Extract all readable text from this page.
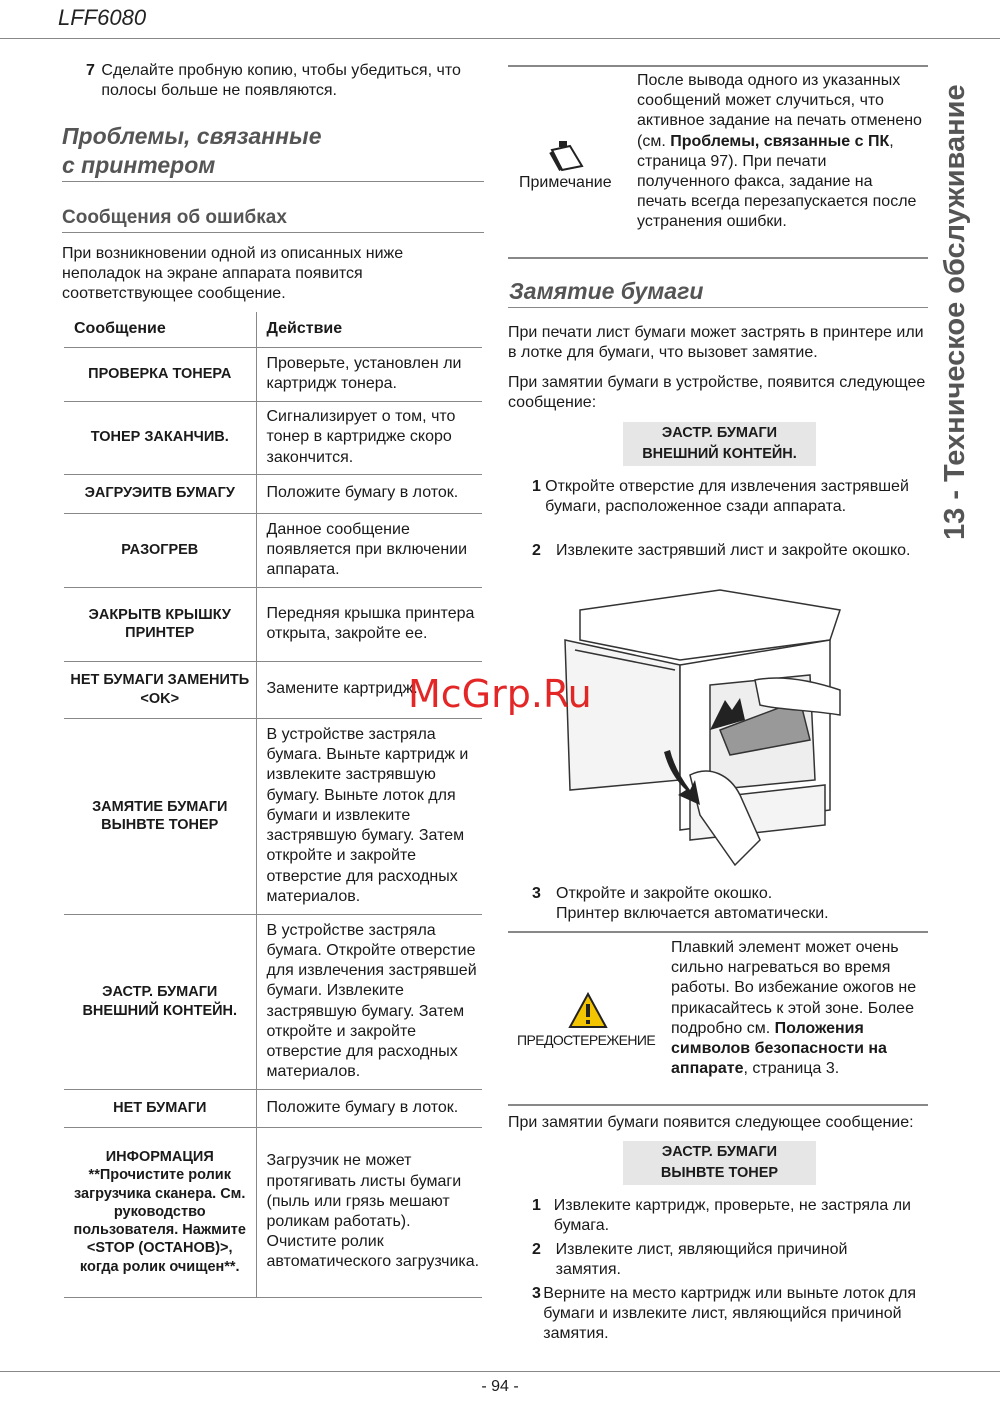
LFF6080
13 - Техническое обслуживание
7 Сделайте пробную копию, чтобы убедиться, что полосы больше не появляются.
Проблемы, связанные
с принтером
Сообщения об ошибках
При возникновении одной из описанных ниже неполадок на экране аппарата появится соответствующее сообщение.
Сообщение	Действие
ПРОВЕРКА ТОНЕРА	Проверьте, установлен ли картридж тонера.
ТОНЕР ЗАКАНЧИВ.	Сигнализирует о том, что тонер в картридже скоро закончится.
ЭАГРУЭИТВ БУМАГУ	Положите бумагу в лоток.
РАЗОГРЕВ	Данное сообщение появляется при включении аппарата.
ЭАКРЫТВ КРЫШКУ ПРИНТЕР	Передняя крышка принтера открыта, закройте ее.
НЕТ БУМАГИ ЗАМЕНИТЬ <OK>	Замените картридж.
ЗАМЯТИЕ БУМАГИ ВЫНВТЕ ТОНЕР	В устройстве застряла бумага. Выньте картридж и извлеките застрявшую бумагу. Выньте лоток для бумаги и извлеките застрявшую бумагу. Затем откройте и закройте отверстие для расходных материалов.
ЭАСТР. БУМАГИ ВНЕШНИЙ КОНТЕЙН.	В устройстве застряла бумага. Откройте отверстие для извлечения застрявшей бумаги. Извлеките застрявшую бумагу. Затем откройте и закройте отверстие для расходных материалов.
НЕТ БУМАГИ	Положите бумагу в лоток.
ИНФОРМАЦИЯ **Прочистите ролик загрузчика сканера. См. руководство пользователя. Нажмите <STOP (ОСТАНОВ)>, когда ролик очищен**.	Загрузчик не может протягивать листы бумаги (пыль или грязь мешают роликам работать). Очистите ролик автоматического загрузчика.
Примечание
После вывода одного из указанных сообщений может случиться, что активное задание на печать отменено (см. Проблемы, связанные с ПК, страница 97). При печати полученного факса, задание на печать всегда перезапускается после устранения ошибки.
Замятие бумаги
При печати лист бумаги может застрять в принтере или в лотке для бумаги, что вызовет замятие.
При замятии бумаги в устройстве, появится следующее сообщение:
ЭАСТР. БУМАГИ
ВНЕШНИЙ КОНТЕЙН.
1 Откройте отверстие для извлечения застрявшей бумаги, расположенное сзади аппарата.
2 Извлеките застрявший лист и закройте окошко.
McGrp.Ru
3 Откройте и закройте окошко.
Принтер включается автоматически.
ПРЕДОСТЕРЕЖЕНИЕ
Плавкий элемент может очень сильно нагреваться во время работы. Во избежание ожогов не прикасайтесь к этой зоне. Более подробно см. Положения символов безопасности на аппарате, страница 3.
При замятии бумаги появится следующее сообщение:
ЭАСТР. БУМАГИ
ВЫНВТЕ ТОНЕР
1 Извлеките картридж, проверьте, не застряла ли бумага.
2 Извлеките лист, являющийся причиной замятия.
3 Верните на место картридж или выньте лоток для бумаги и извлеките лист, являющийся причиной замятия.
- 94 -
